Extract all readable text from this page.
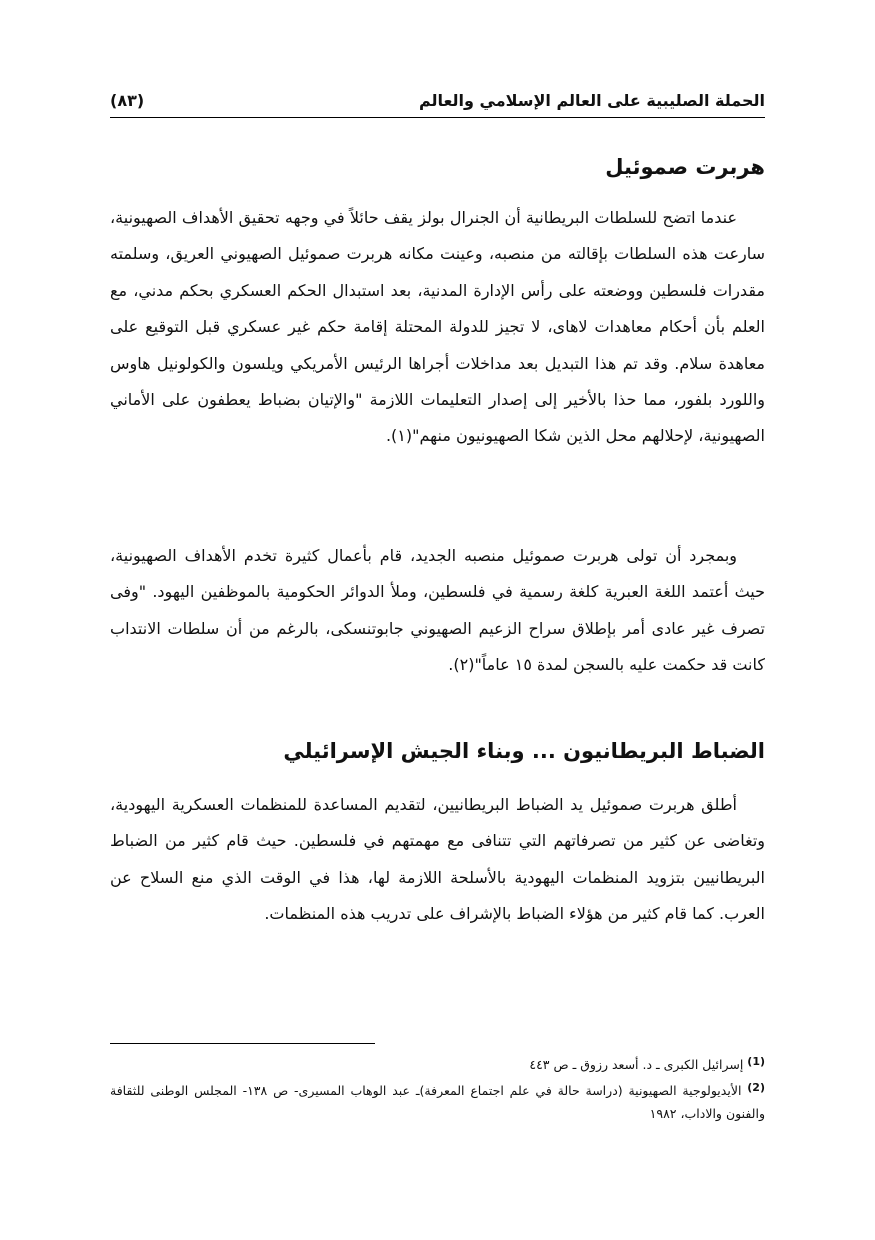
الحملة الصليبية على العالم الإسلامي والعالم
(٨٣)
هربرت صموئيل

عندما اتضح للسلطات البريطانية أن الجنرال بولز يقف حائلاً في وجهه تحقيق الأهداف الصهيونية، سارعت هذه السلطات بإقالته من منصبه، وعينت مكانه هربرت صموئيل الصهيوني العريق، وسلمته مقدرات فلسطين ووضعته على رأس الإدارة المدنية، بعد استبدال الحكم العسكري بحكم مدني، مع العلم بأن أحكام معاهدات لاهاى، لا تجيز للدولة المحتلة إقامة حكم غير عسكري قبل التوقيع على معاهدة سلام. وقد تم هذا التبديل بعد مداخلات أجراها الرئيس الأمريكي ويلسون والكولونيل هاوس واللورد بلفور، مما حذا بالأخير إلى إصدار التعليمات اللازمة "والإتيان بضباط يعطفون على الأماني الصهيونية، لإحلالهم محل الذين شكا الصهيونيون منهم"(١).

وبمجرد أن تولى هربرت صموئيل منصبه الجديد، قام بأعمال كثيرة تخدم الأهداف الصهيونية، حيث أعتمد اللغة العبرية كلغة رسمية في فلسطين، وملأ الدوائر الحكومية بالموظفين اليهود. "وفى تصرف غير عادى أمر بإطلاق سراح الزعيم الصهيوني جابوتنسكى، بالرغم من أن سلطات الانتداب كانت قد حكمت عليه بالسجن لمدة ١٥ عاماً"(٢).

الضباط البريطانيون ... وبناء الجيش الإسرائيلي

أطلق هربرت صموئيل يد الضباط البريطانيين، لتقديم المساعدة للمنظمات العسكرية اليهودية، وتغاضى عن كثير من تصرفاتهم التي تتنافى مع مهمتهم في فلسطين. حيث قام كثير من الضباط البريطانيين بتزويد المنظمات اليهودية بالأسلحة اللازمة لها، هذا في الوقت الذي منع السلاح عن العرب. كما قام كثير من هؤلاء الضباط بالإشراف على تدريب هذه المنظمات.

(1) إسرائيل الكبرى ـ د. أسعد رزوق ـ ص ٤٤٣

(2) الأيديولوجية الصهيونية (دراسة حالة في علم اجتماع المعرفة)ـ عبد الوهاب المسيرى- ص ١٣٨- المجلس الوطنى للثقافة والفنون والاداب، ١٩٨٢
